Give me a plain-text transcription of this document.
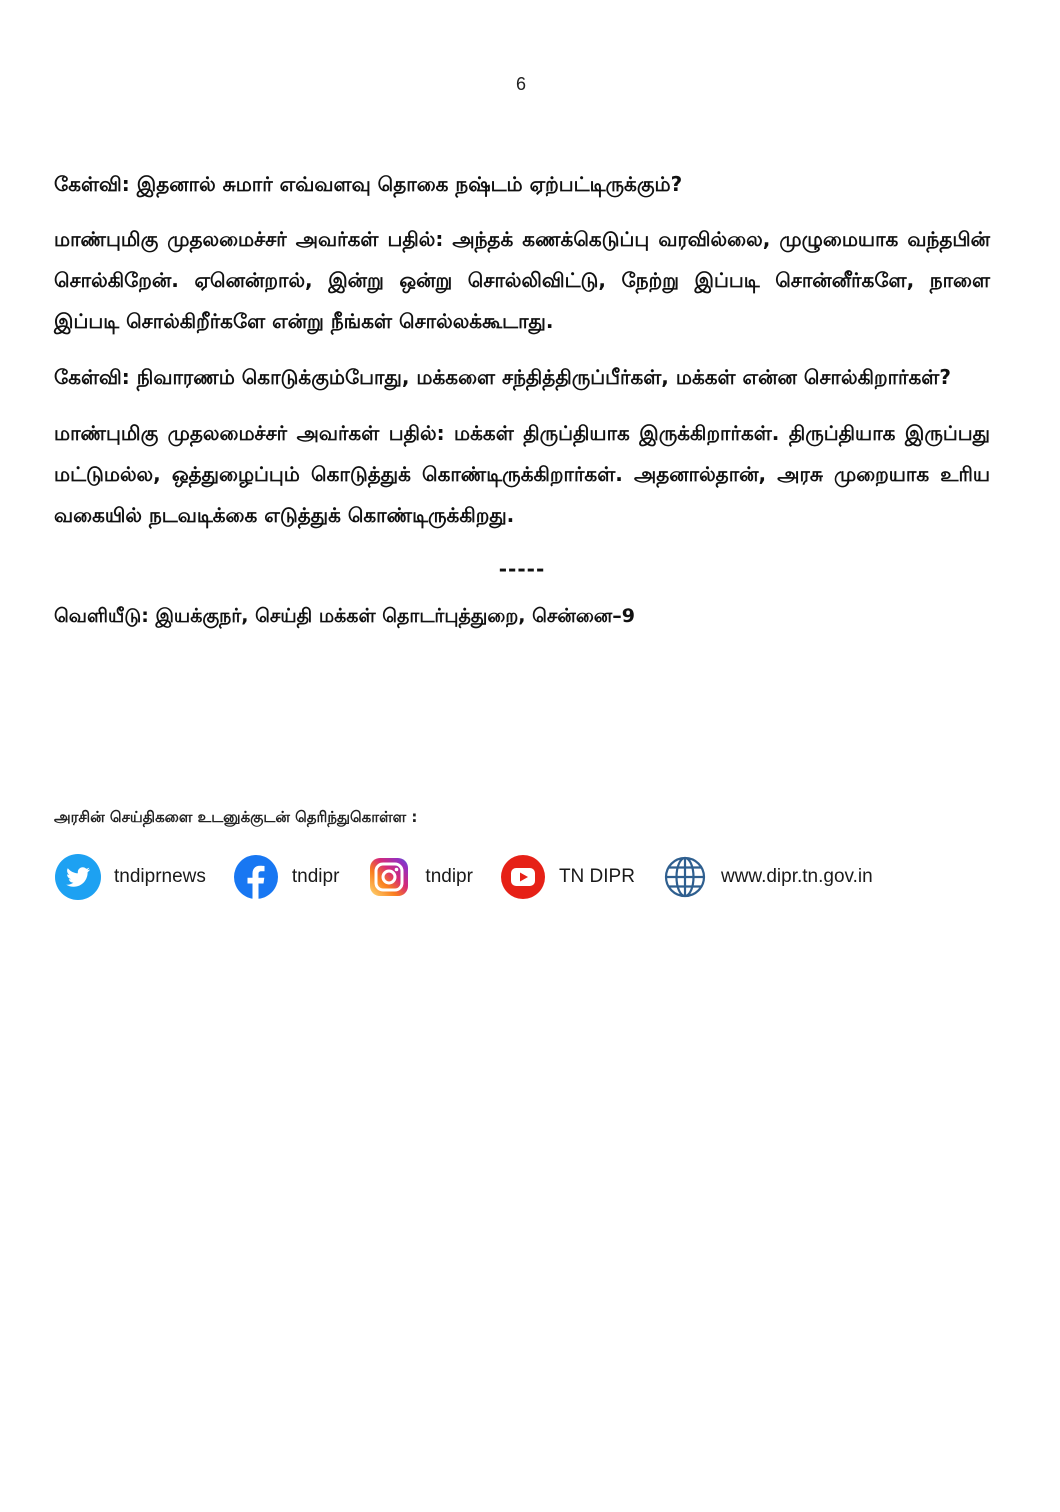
6

கேள்வி: இதனால் சுமார் எவ்வளவு தொகை நஷ்டம் ஏற்பட்டிருக்கும்?

மாண்புமிகு முதலமைச்சர் அவர்கள் பதில்: அந்தக் கணக்கெடுப்பு வரவில்லை, முழுமையாக வந்தபின் சொல்கிறேன். ஏனென்றால், இன்று ஒன்று சொல்லிவிட்டு, நேற்று இப்படி சொன்னீர்களே, நாளை இப்படி சொல்கிறீர்களே என்று நீங்கள் சொல்லக்கூடாது.

கேள்வி: நிவாரணம் கொடுக்கும்போது, மக்களை சந்தித்திருப்பீர்கள், மக்கள் என்ன சொல்கிறார்கள்?

மாண்புமிகு முதலமைச்சர் அவர்கள் பதில்: மக்கள் திருப்தியாக இருக்கிறார்கள். திருப்தியாக இருப்பது மட்டுமல்ல, ஒத்துழைப்பும் கொடுத்துக் கொண்டிருக்கிறார்கள். அதனால்தான், அரசு முறையாக உரிய வகையில் நடவடிக்கை எடுத்துக் கொண்டிருக்கிறது.

-----

வெளியீடு: இயக்குநர், செய்தி மக்கள் தொடர்புத்துறை, சென்னை–9

அரசின் செய்திகளை உடனுக்குடன் தெரிந்துகொள்ள :
tndiprnews	tndipr	tndipr	TN DIPR	www.dipr.tn.gov.in
